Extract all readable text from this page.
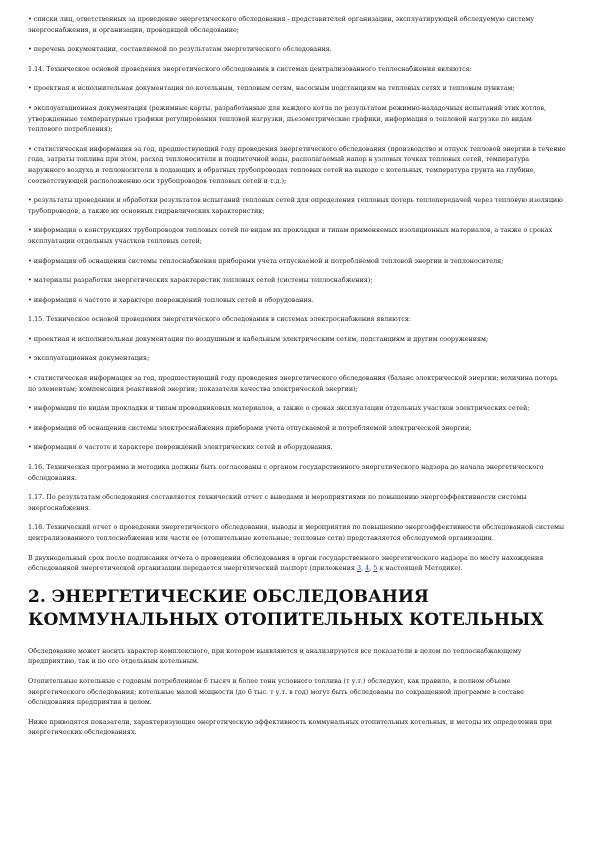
• списки лиц, ответственных за проведение энергетического обследования - представителей организации, эксплуатирующей обследуемую систему энергоснабжения, и организации, проводящей обследование;

• перечень документации, составляемой по результатам энергетического обследования.

1.14. Техническое основой проведения энергетического обследования в системах централизованного теплоснабжения являются:

• проектная и исполнительная документация по котельным, тепловым сетям, насосным подстанциям на тепловых сетях и тепловым пунктам;

• эксплуатационная документация (режимные карты, разработанные для каждого котла по результатам режимно-наладочных испытаний этих котлов, утвержденные температурные графики регулирования тепловой нагрузки, пьезометрические графики, информация о тепловой нагрузке по видам теплового потребления);

• статистическая информация за год, предшествующий году проведения энергетического обследования (производство и отпуск тепловой энергии в течение года, затраты топлива при этом, расход теплоносителя и подпиточной воды, располагаемый напор в узловых точках тепловых сетей, температура наружного воздуха и теплоносителя в подающих и обратных трубопроводах тепловых сетей на выходе с котельных, температура грунта на глубине, соответствующей расположению оси трубопроводов тепловых сетей и т.д.);

• результаты проведения и обработки результатов испытаний тепловых сетей для определения тепловых потерь теплопередачей через тепловую изоляцию трубопроводов, а также их основных гидравлических характеристик;

• информация о конструкциях трубопроводов тепловых сетей по видам их прокладки и типам применяемых изоляционных материалов, а также о сроках эксплуатации отдельных участков тепловых сетей;

• информация об оснащении системы теплоснабжения приборами учета отпускаемой и потребляемой тепловой энергии и теплоносителя;

• материалы разработки энергетических характеристик тепловых сетей (системы теплоснабжения);

• информация о частоте и характере повреждений тепловых сетей и оборудования.

1.15. Техническое основой проведения энергетического обследования в системах электроснабжения являются:

• проектная и исполнительная документация по воздушным и кабельным электрическим сетям, подстанциям и другим сооружениям;

• эксплуатационная документация;

• статистическая информация за год, предшествующий году проведения энергетического обследования (баланс электрической энергии; величина потерь по элементам; компенсация реактивной энергии; показатели качества электрической энергии);

• информация по видам прокладки и типам проводниковых материалов, а также о сроках эксплуатации отдельных участков электрических сетей;

• информация об оснащении системы электроснабжения приборами учета отпускаемой и потребляемой электрической энергии;

• информация о частоте и характере повреждений электрических сетей и оборудования.

1.16. Техническая программа и методика должны быть согласованы с органом государственного энергетического надзора до начала энергетического обследования.

1.17. По результатам обследования составляется технический отчет с выводами и мероприятиями по повышению энергоэффективности системы энергоснабжения.

1.18. Технический отчет о проведении энергетического обследования, выводы и мероприятия по повышению энергоэффективности обследованной системы централизованного теплоснабжения или части ее (отопительные котельные; тепловые сети) представляется обследуемой организации.

В двухнедельный срок после подписания отчета о проведении обследования в орган государственного энергетического надзора по месту нахождения обследованной энергетической организации передается энергетический паспорт (приложения 3, 4, 5 к настоящей Методике).

2. ЭНЕРГЕТИЧЕСКИЕ ОБСЛЕДОВАНИЯ КОММУНАЛЬНЫХ ОТОПИТЕЛЬНЫХ КОТЕЛЬНЫХ

Обследование может носить характер комплексного, при котором выявляются и анализируются все показатели в целом по теплоснабжающему предприятию, так и по его отдельным котельным.

Отопительные котельные с годовым потреблением 6 тысяч и более тонн условного топлива (т у.т.) обследуют, как правило, в полном объеме энергетического обследования; котельные малой мощности (до 6 тыс. т у.т. в год) могут быть обследованы по сокращенной программе в составе обследования предприятия в целом.

Ниже приводятся показатели, характеризующие энергетическую эффективность коммунальных отопительных котельных, и методы их определения при энергетических обследованиях.
